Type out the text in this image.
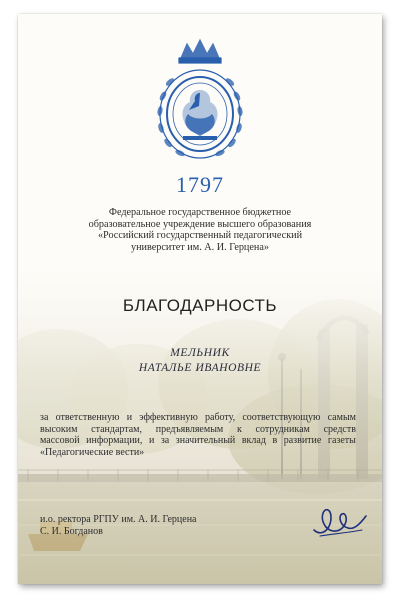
1797
Федеральное государственное бюджетное
образовательное учреждение высшего образования
«Российский государственный педагогический
университет им. А. И. Герцена»
БЛАГОДАРНОСТЬ
МЕЛЬНИК
НАТАЛЬЕ ИВАНОВНЕ
за ответственную и эффективную работу, соответствующую самым
высоким стандартам, предъявляемым к сотрудникам средств
массовой информации, и за значительный вклад в развитие газеты
«Педагогические вести»
и.о. ректора РГПУ им. А. И. Герцена
С. И. Богданов
